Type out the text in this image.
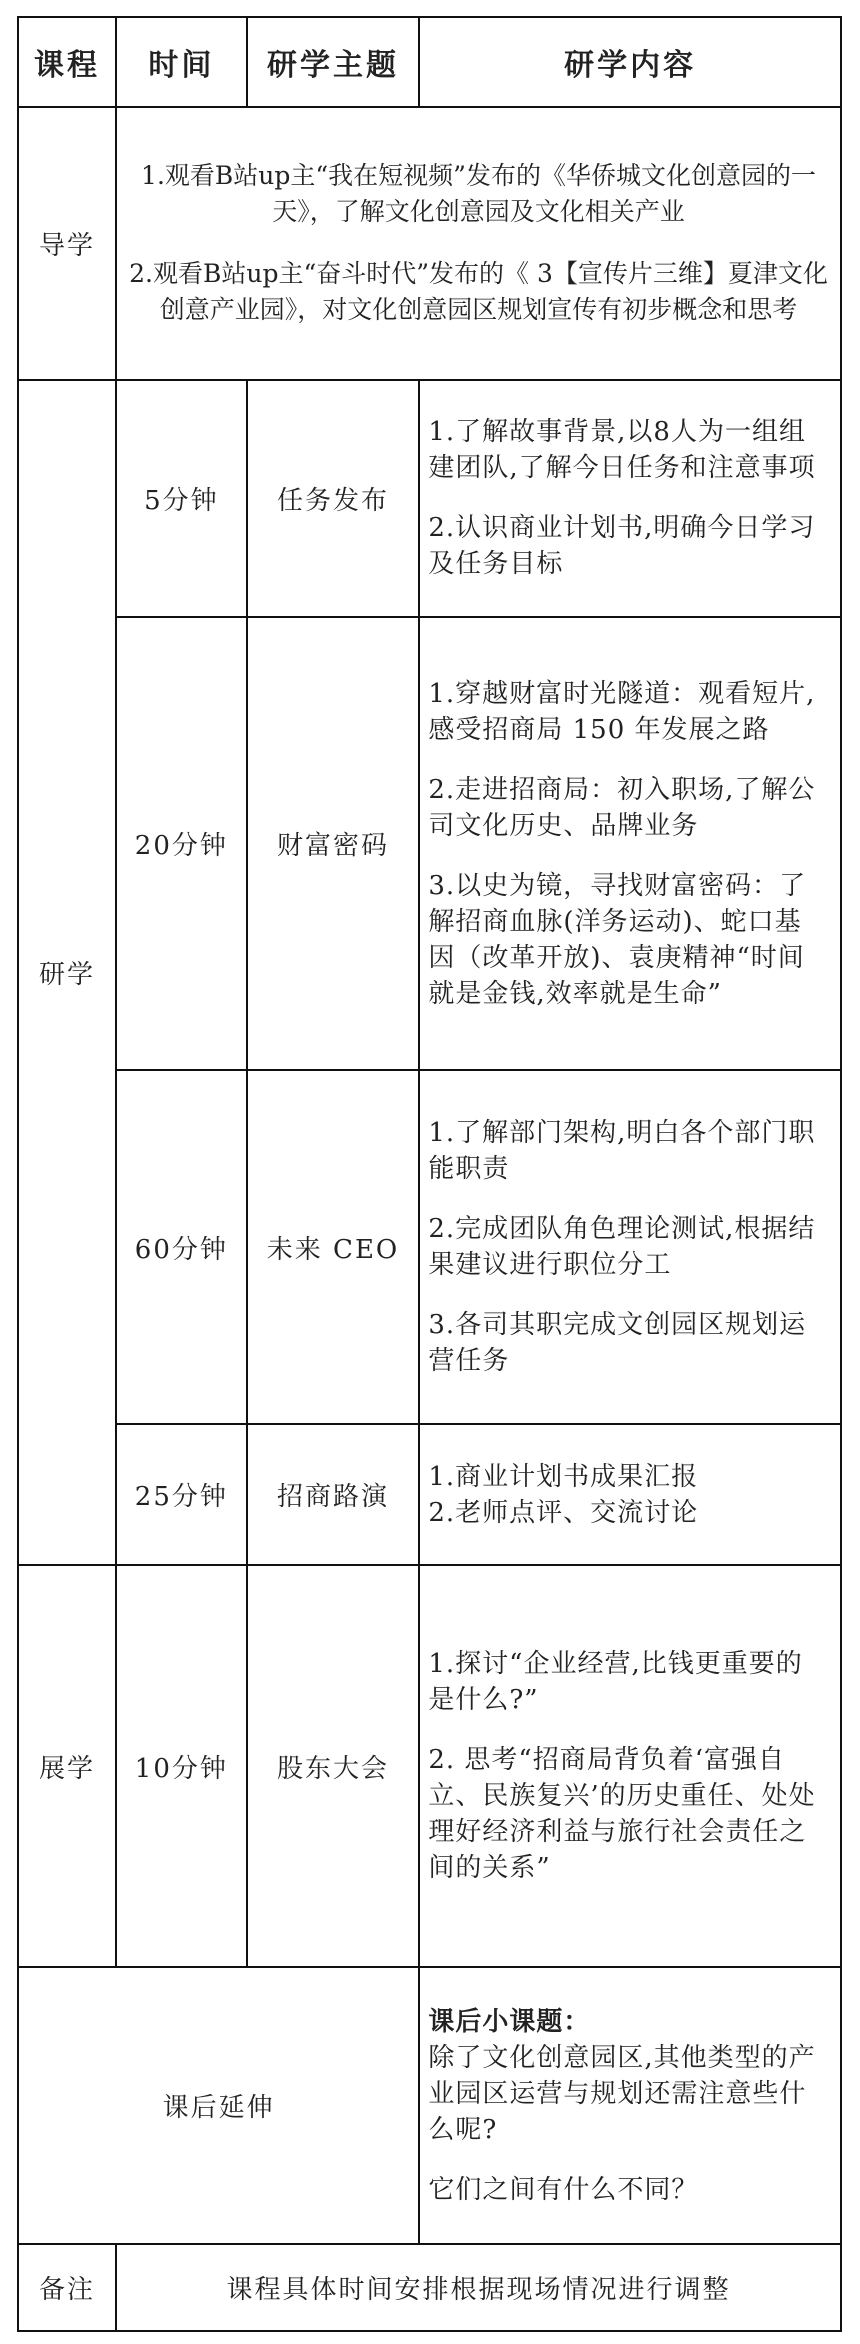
课程	时间	研学主题	研学内容
导学	1.观看B站up主“我在短视频”发布的《华侨城文化创意园的一天》，了解文化创意园及文化相关产业

2.观看B站up主“奋斗时代”发布的《 3【宣传片三维】夏津文化创意产业园》，对文化创意园区规划宣传有初步概念和思考		

研学	5分钟	任务发布	1.了解故事背景,以8人为一组组建团队,了解今日任务和注意事项

2.认识商业计划书,明确今日学习及任务目标

	20分钟	财富密码	1.穿越财富时光隧道：观看短片,感受招商局 150 年发展之路

2.走进招商局：初入职场,了解公司文化历史、品牌业务

3.以史为镜，寻找财富密码：了解招商血脉(洋务运动)、蛇口基因（改革开放)、袁庚精神“时间就是金钱,效率就是生命”

	60分钟	未来 CEO	1.了解部门架构,明白各个部门职能职责

2.完成团队角色理论测试,根据结果建议进行职位分工

3.各司其职完成文创园区规划运营任务

	25分钟	招商路演	1.商业计划书成果汇报
2.老师点评、交流讨论

展学	10分钟	股东大会	1.探讨“企业经营,比钱更重要的是什么?”

2. 思考“招商局背负着‘富强自立、民族复兴’的历史重任、处处理好经济利益与旅行社会责任之间的关系”

课后延伸			课后小课题：
除了文化创意园区,其他类型的产业园区运营与规划还需注意些什么呢?

它们之间有什么不同？

备注	课程具体时间安排根据现场情况进行调整		
